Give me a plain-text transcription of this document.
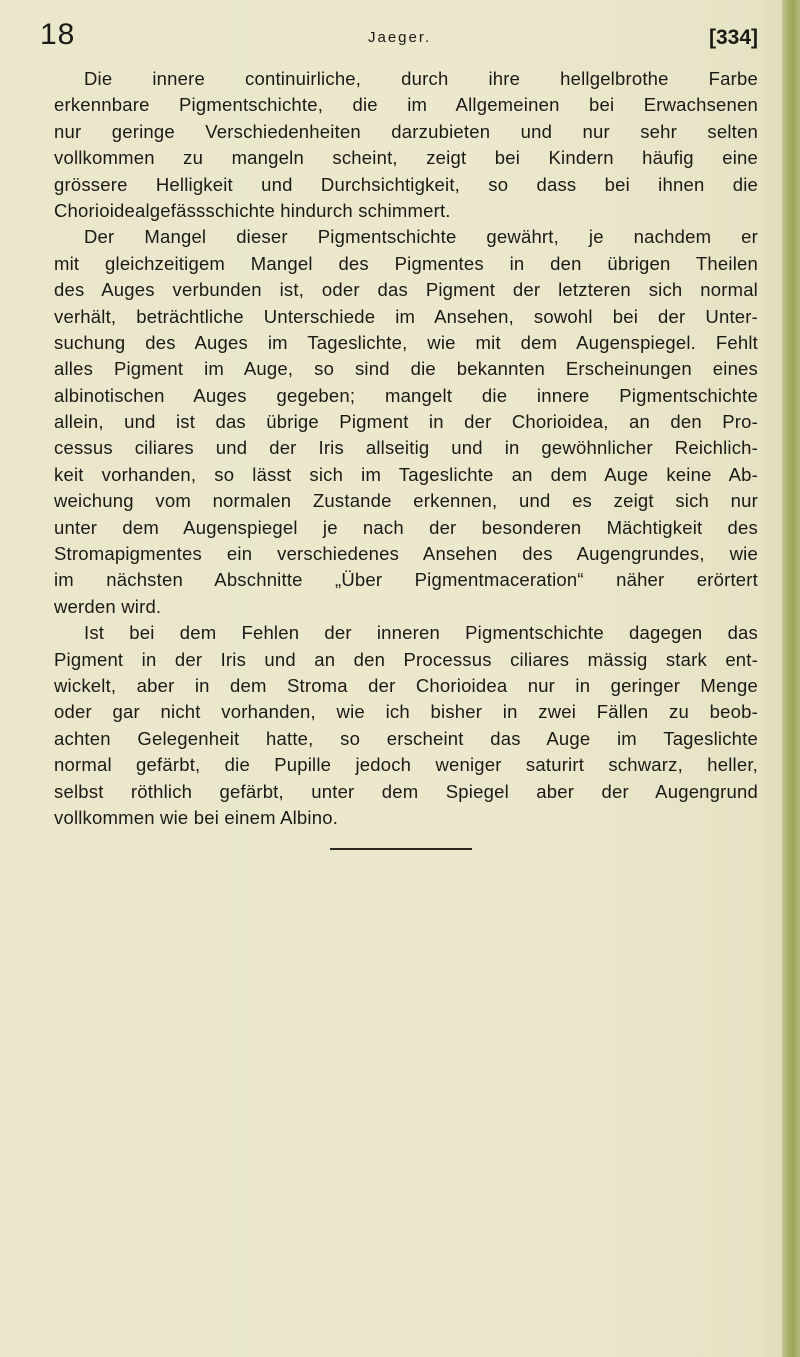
18	Jaeger.	[334]
Die innere continuirliche, durch ihre hellgelbrothe Farbe
erkennbare Pigmentschichte, die im Allgemeinen bei Erwachsenen
nur geringe Verschiedenheiten darzubieten und nur sehr selten
vollkommen zu mangeln scheint, zeigt bei Kindern häufig eine
grössere Helligkeit und Durchsichtigkeit, so dass bei ihnen die
Chorioidealgefässschichte hindurch schimmert.
Der Mangel dieser Pigmentschichte gewährt, je nachdem er
mit gleichzeitigem Mangel des Pigmentes in den übrigen Theilen
des Auges verbunden ist, oder das Pigment der letzteren sich normal
verhält, beträchtliche Unterschiede im Ansehen, sowohl bei der Unter-
suchung des Auges im Tageslichte, wie mit dem Augenspiegel. Fehlt
alles Pigment im Auge, so sind die bekannten Erscheinungen eines
albinotischen Auges gegeben; mangelt die innere Pigmentschichte
allein, und ist das übrige Pigment in der Chorioidea, an den Pro-
cessus ciliares und der Iris allseitig und in gewöhnlicher Reichlich-
keit vorhanden, so lässt sich im Tageslichte an dem Auge keine Ab-
weichung vom normalen Zustande erkennen, und es zeigt sich nur
unter dem Augenspiegel je nach der besonderen Mächtigkeit des
Stromapigmentes ein verschiedenes Ansehen des Augengrundes, wie
im nächsten Abschnitte „Über Pigmentmaceration“ näher erörtert
werden wird.
Ist bei dem Fehlen der inneren Pigmentschichte dagegen das
Pigment in der Iris und an den Processus ciliares mässig stark ent-
wickelt, aber in dem Stroma der Chorioidea nur in geringer Menge
oder gar nicht vorhanden, wie ich bisher in zwei Fällen zu beob-
achten Gelegenheit hatte, so erscheint das Auge im Tageslichte
normal gefärbt, die Pupille jedoch weniger saturirt schwarz, heller,
selbst röthlich gefärbt, unter dem Spiegel aber der Augengrund
vollkommen wie bei einem Albino.
